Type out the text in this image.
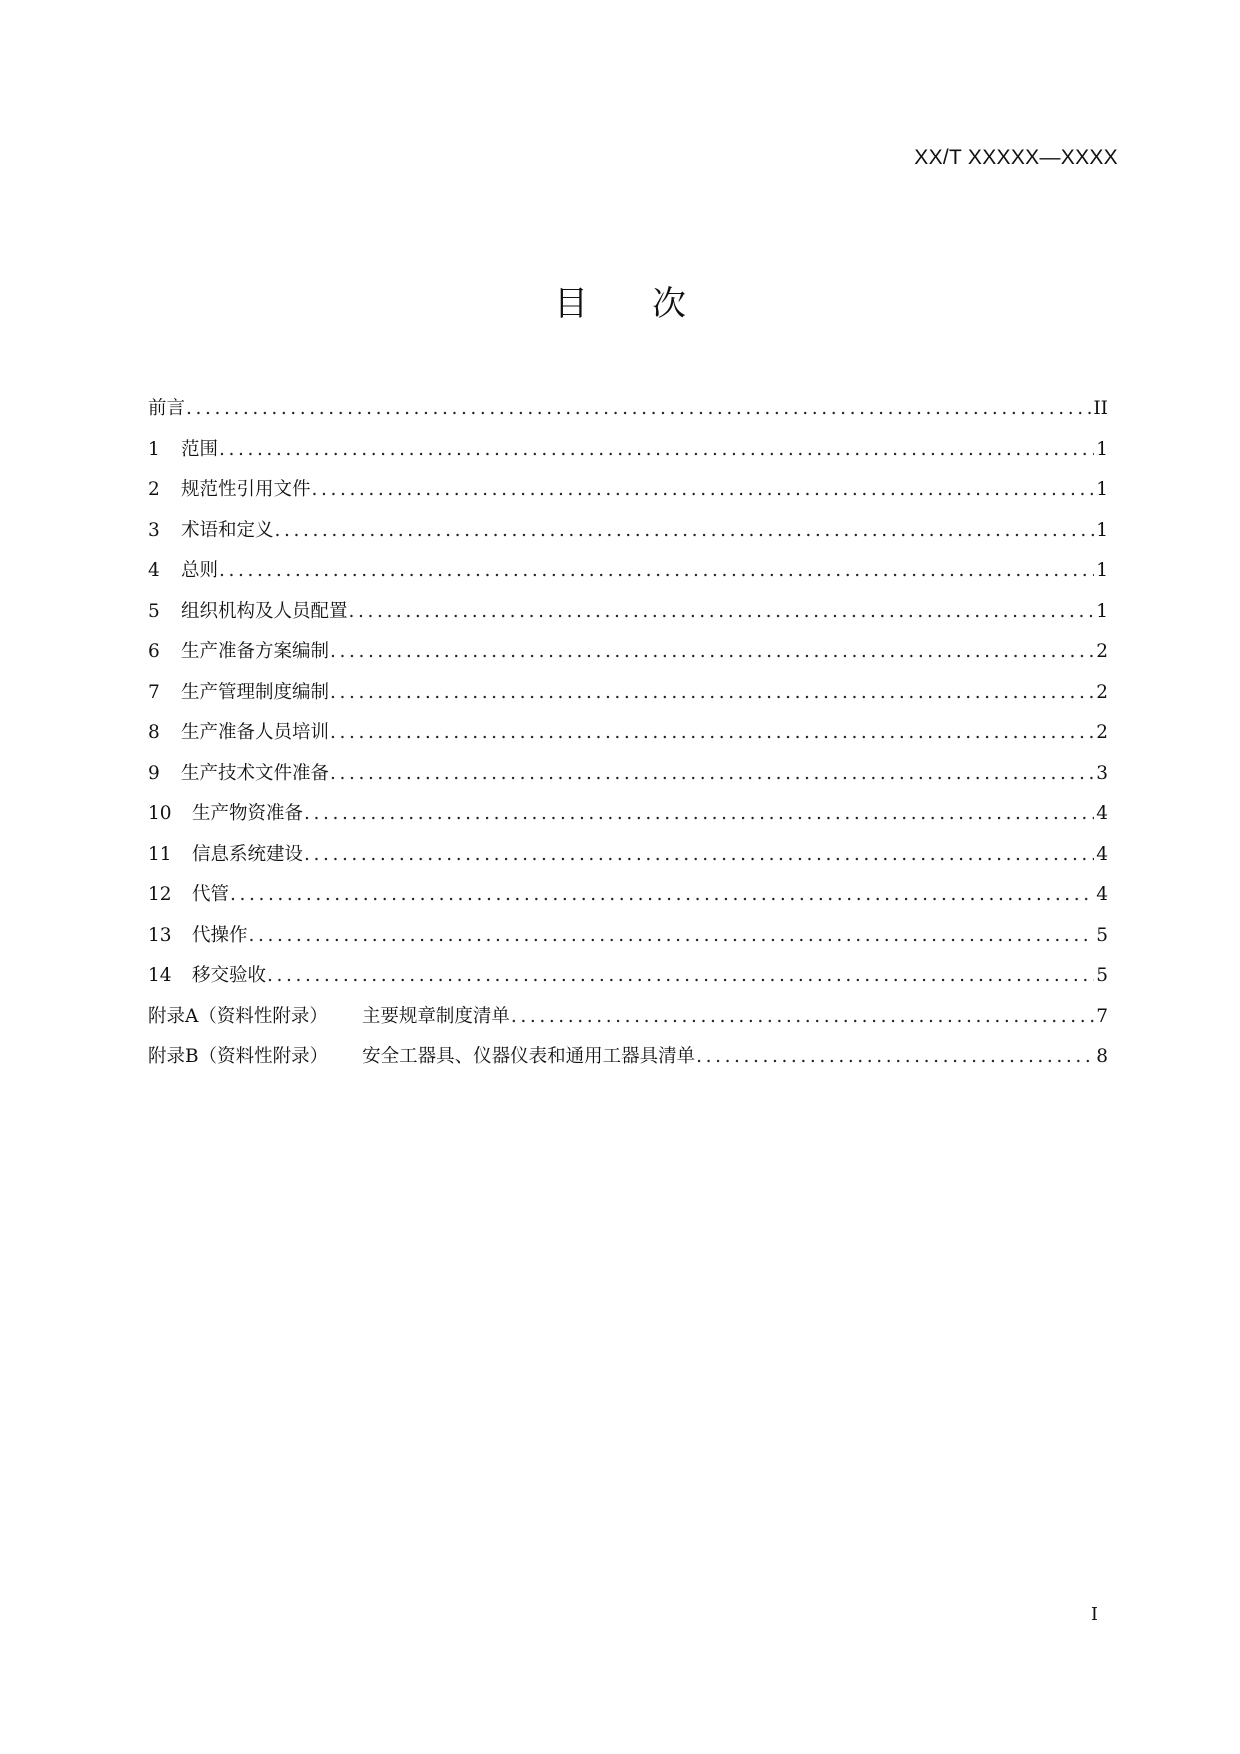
XX/T XXXXX—XXXX
目 次
前言 .....	II
1	范围 .....	1
2	规范性引用文件 .....	1
3	术语和定义 .....	1
4	总则 .....	1
5	组织机构及人员配置 .....	1
6	生产准备方案编制 .....	2
7	生产管理制度编制 .....	2
8	生产准备人员培训 .....	2
9	生产技术文件准备 .....	3
10	生产物资准备 .....	4
11	信息系统建设 .....	4
12	代管 .....	4
13	代操作 .....	5
14	移交验收 .....	5
附录A（资料性附录） 主要规章制度清单 .....	7
附录B（资料性附录） 安全工器具、仪器仪表和通用工器具清单 .....	8
I
